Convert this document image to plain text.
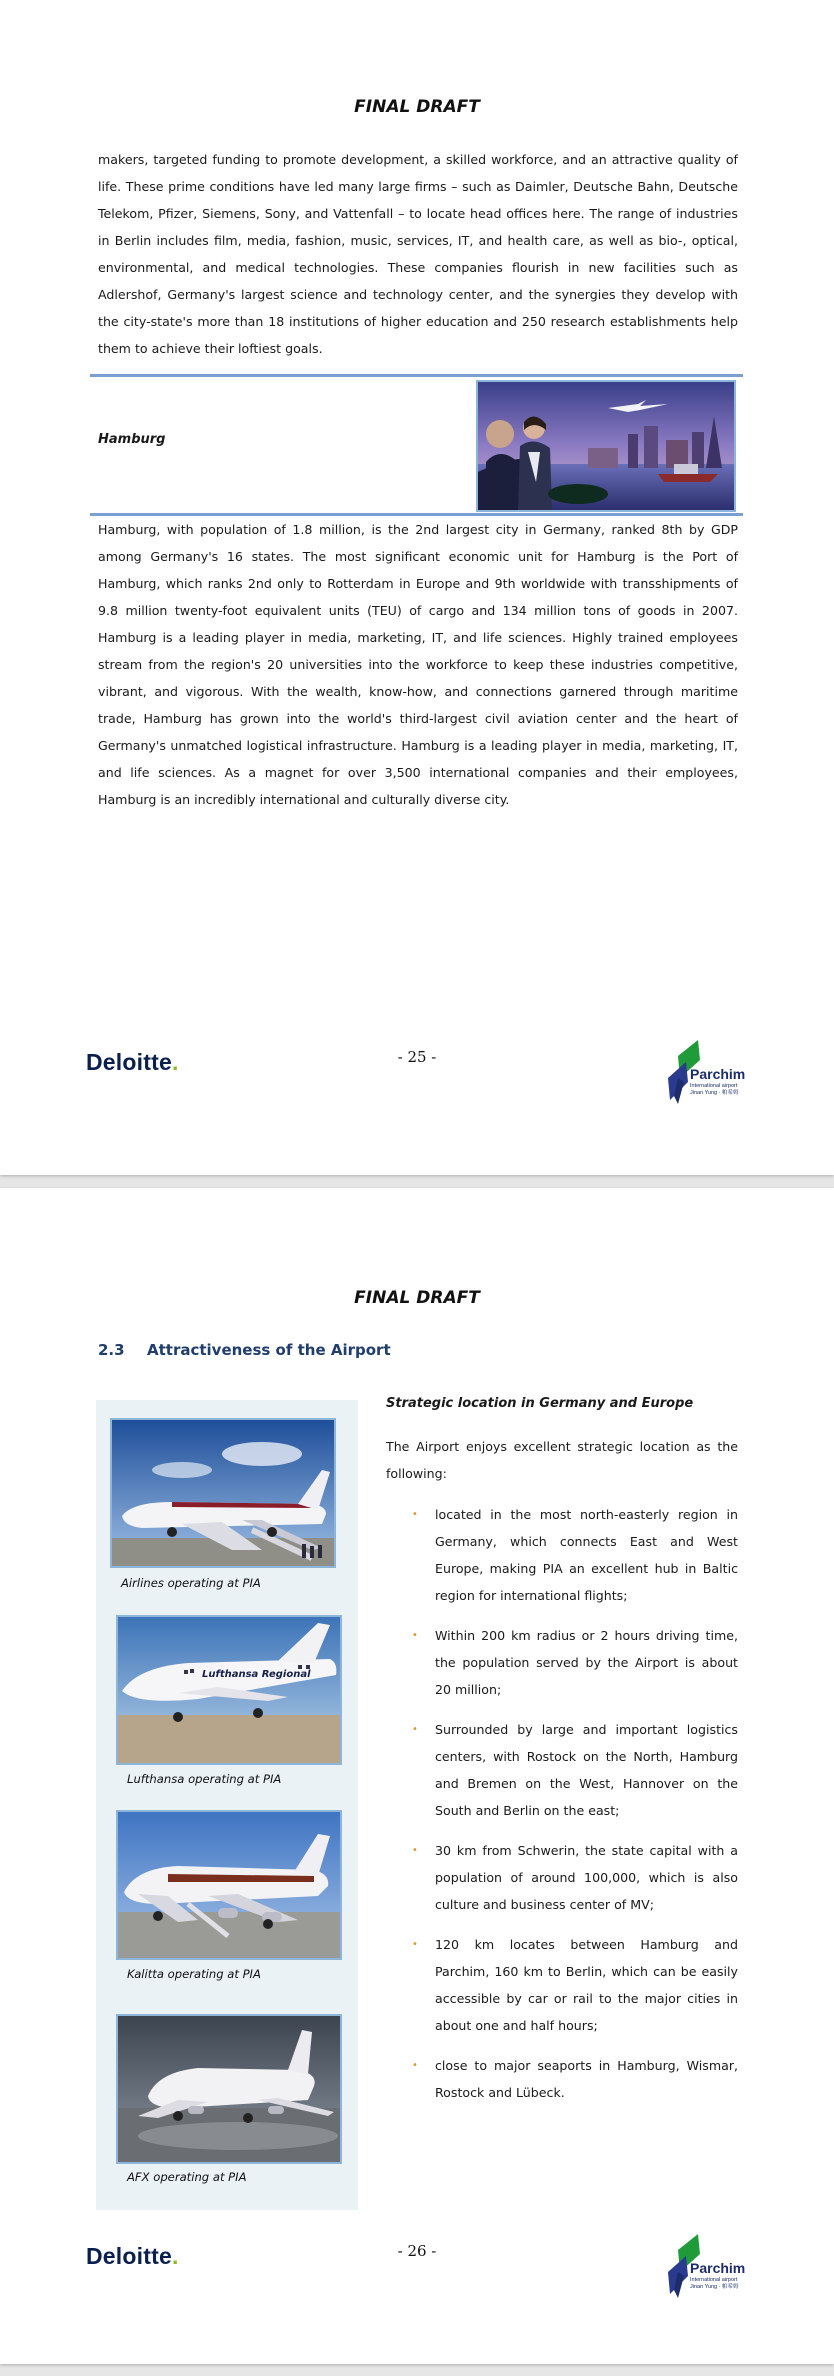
FINAL DRAFT

makers, targeted funding to promote development, a skilled workforce, and an attractive quality of life. These prime conditions have led many large firms – such as Daimler, Deutsche Bahn, Deutsche Telekom, Pfizer, Siemens, Sony, and Vattenfall – to locate head offices here. The range of industries in Berlin includes film, media, fashion, music, services, IT, and health care, as well as bio-, optical, environmental, and medical technologies. These companies flourish in new facilities such as Adlershof, Germany's largest science and technology center, and the synergies they develop with the city-state's more than 18 institutions of higher education and 250 research establishments help them to achieve their loftiest goals.

Hamburg

Hamburg, with population of 1.8 million, is the 2nd largest city in Germany, ranked 8th by GDP among Germany's 16 states. The most significant economic unit for Hamburg is the Port of Hamburg, which ranks 2nd only to Rotterdam in Europe and 9th worldwide with transshipments of 9.8 million twenty-foot equivalent units (TEU) of cargo and 134 million tons of goods in 2007. Hamburg is a leading player in media, marketing, IT, and life sciences. Highly trained employees stream from the region's 20 universities into the workforce to keep these industries competitive, vibrant, and vigorous. With the wealth, know-how, and connections garnered through maritime trade, Hamburg has grown into the world's third-largest civil aviation center and the heart of Germany's unmatched logistical infrastructure. Hamburg is a leading player in media, marketing, IT, and life sciences. As a magnet for over 3,500 international companies and their employees, Hamburg is an incredibly international and culturally diverse city.

Deloitte.	- 25 -
Parchim
International airport
Jinan Yung · 帕希姆
FINAL DRAFT
2.3 Attractiveness of the Airport
Airlines operating at PIA
Lufthansa Regional
Lufthansa operating at PIA
Kalitta operating at PIA
AFX operating at PIA
Strategic location in Germany and Europe

The Airport enjoys excellent strategic location as the following:

• located in the most north-easterly region in Germany, which connects East and West Europe, making PIA an excellent hub in Baltic region for international flights;
• Within 200 km radius or 2 hours driving time, the population served by the Airport is about 20 million;
• Surrounded by large and important logistics centers, with Rostock on the North, Hamburg and Bremen on the West, Hannover on the South and Berlin on the east;
• 30 km from Schwerin, the state capital with a population of around 100,000, which is also culture and business center of MV;
• 120 km locates between Hamburg and Parchim, 160 km to Berlin, which can be easily accessible by car or rail to the major cities in about one and half hours;
• close to major seaports in Hamburg, Wismar, Rostock and Lübeck.
Deloitte.	- 26 -
Parchim
International airport
Jinan Yung · 帕希姆
